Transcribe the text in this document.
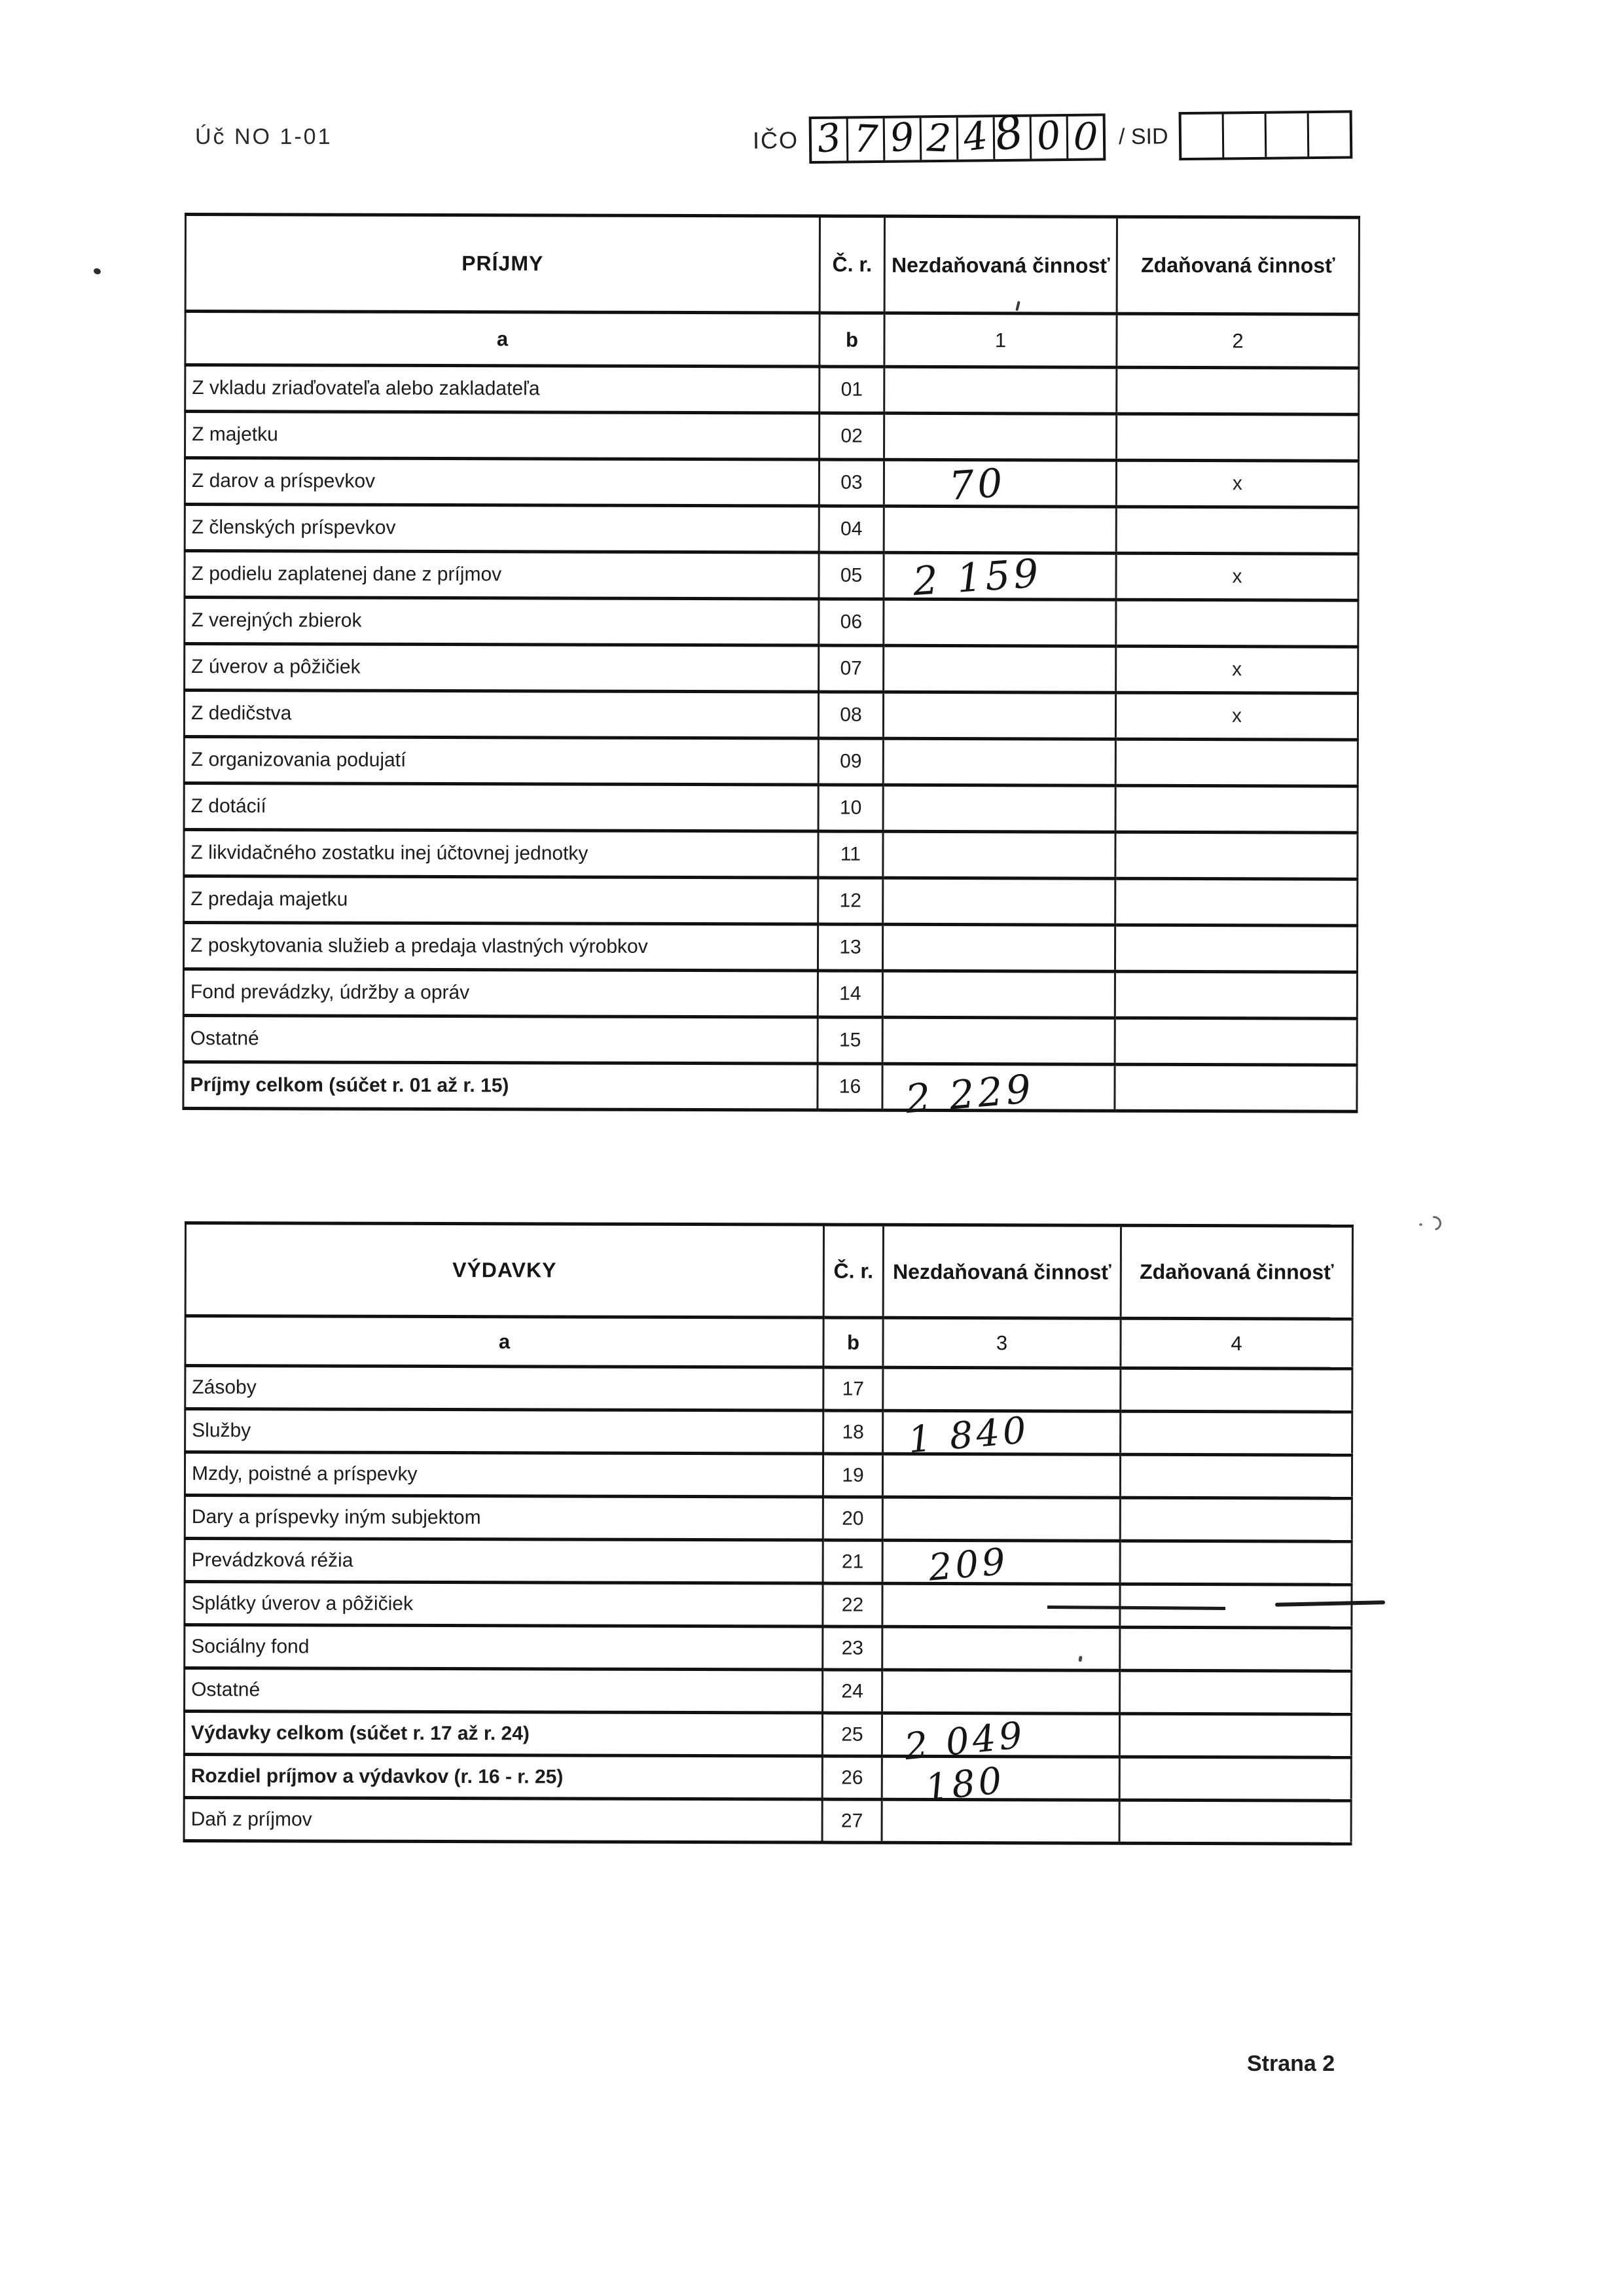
Úč NO 1-01	IČO 3 7 9 2 4 8 0 0 / SID
PRÍJMY	Č. r.	Nezdaňovaná činnosť	Zdaňovaná činnosť
a	b	1	2
Z vkladu zriaďovateľa alebo zakladateľa	01		
Z majetku	02		
Z darov a príspevkov	03	70	x
Z členských príspevkov	04		
Z podielu zaplatenej dane z príjmov	05	2 159	x
Z verejných zbierok	06		
Z úverov a pôžičiek	07		x
Z dedičstva	08		x
Z organizovania podujatí	09		
Z dotácií	10		
Z likvidačného zostatku inej účtovnej jednotky	11		
Z predaja majetku	12		
Z poskytovania služieb a predaja vlastných výrobkov	13		
Fond prevádzky, údržby a opráv	14		
Ostatné	15		
Príjmy celkom (súčet r. 01 až r. 15)	16	2 229	
VÝDAVKY	Č. r.	Nezdaňovaná činnosť	Zdaňovaná činnosť
a	b	3	4
Zásoby	17		
Služby	18	1 840	
Mzdy, poistné a príspevky	19		
Dary a príspevky iným subjektom	20		
Prevádzková réžia	21	209	
Splátky úverov a pôžičiek	22		
Sociálny fond	23		
Ostatné	24		
Výdavky celkom (súčet r. 17 až r. 24)	25	2 049	
Rozdiel príjmov a výdavkov (r. 16 - r. 25)	26	180	
Daň z príjmov	27		
Strana 2
